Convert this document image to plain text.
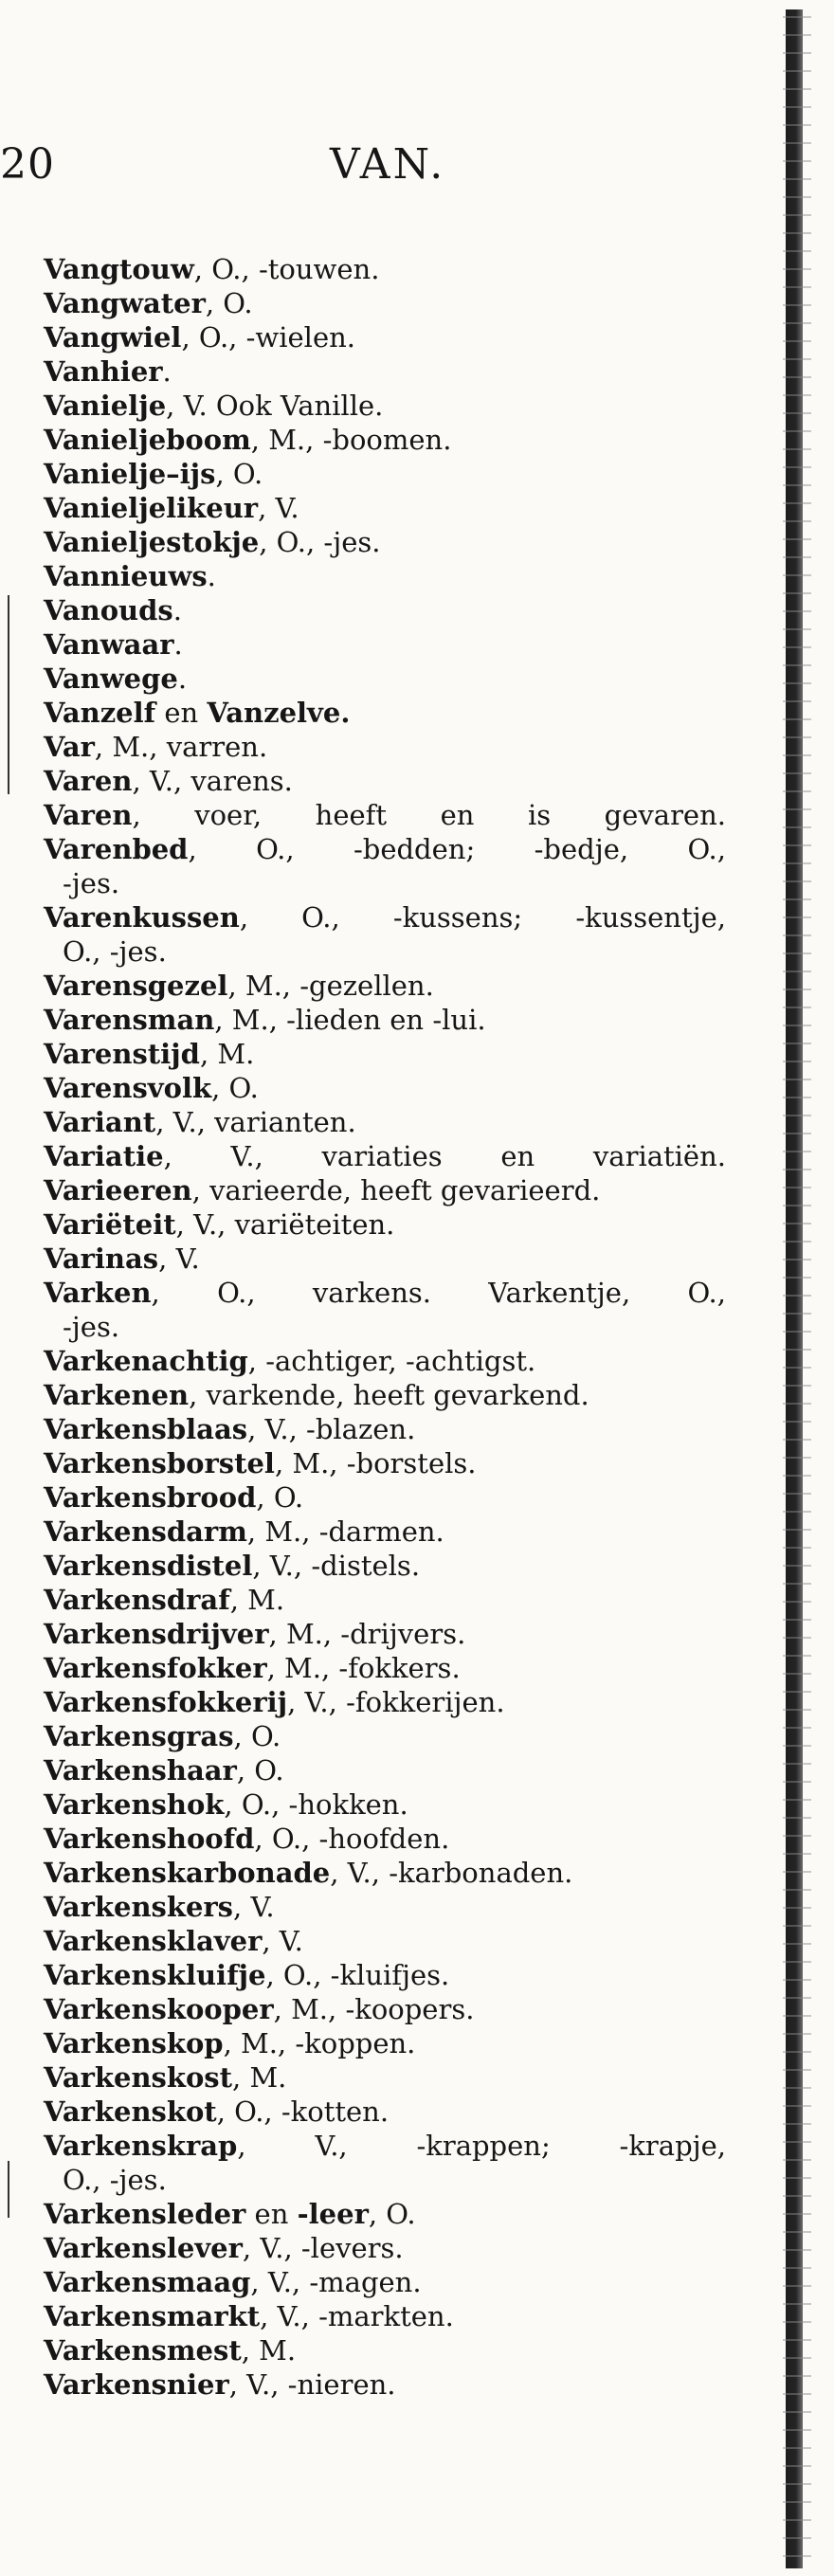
20	VAN.
Vangtouw, O., -touwen.
Vangwater, O.
Vangwiel, O., -wielen.
Vanhier.
Vanielje, V. Ook Vanille.
Vanieljeboom, M., -boomen.
Vanielje–ijs, O.
Vanieljelikeur, V.
Vanieljestokje, O., -jes.
Vannieuws.
Vanouds.
Vanwaar.
Vanwege.
Vanzelf en Vanzelve.
Var, M., varren.
Varen, V., varens.
Varen, voer, heeft en is gevaren.
Varenbed, O., -bedden; -bedje, O.,
-jes.
Varenkussen, O., -kussens; -kussentje,
O., -jes.
Varensgezel, M., -gezellen.
Varensman, M., -lieden en -lui.
Varenstijd, M.
Varensvolk, O.
Variant, V., varianten.
Variatie, V., variaties en variatiën.
Varieeren, varieerde, heeft gevarieerd.
Variëteit, V., variëteiten.
Varinas, V.
Varken, O., varkens. Varkentje, O.,
-jes.
Varkenachtig, -achtiger, -achtigst.
Varkenen, varkende, heeft gevarkend.
Varkensblaas, V., -blazen.
Varkensborstel, M., -borstels.
Varkensbrood, O.
Varkensdarm, M., -darmen.
Varkensdistel, V., -distels.
Varkensdraf, M.
Varkensdrijver, M., -drijvers.
Varkensfokker, M., -fokkers.
Varkensfokkerij, V., -fokkerijen.
Varkensgras, O.
Varkenshaar, O.
Varkenshok, O., -hokken.
Varkenshoofd, O., -hoofden.
Varkenskarbonade, V., -karbonaden.
Varkenskers, V.
Varkensklaver, V.
Varkenskluifje, O., -kluifjes.
Varkenskooper, M., -koopers.
Varkenskop, M., -koppen.
Varkenskost, M.
Varkenskot, O., -kotten.
Varkenskrap, V., -krappen; -krapje,
O., -jes.
Varkensleder en -leer, O.
Varkenslever, V., -levers.
Varkensmaag, V., -magen.
Varkensmarkt, V., -markten.
Varkensmest, M.
Varkensnier, V., -nieren.
